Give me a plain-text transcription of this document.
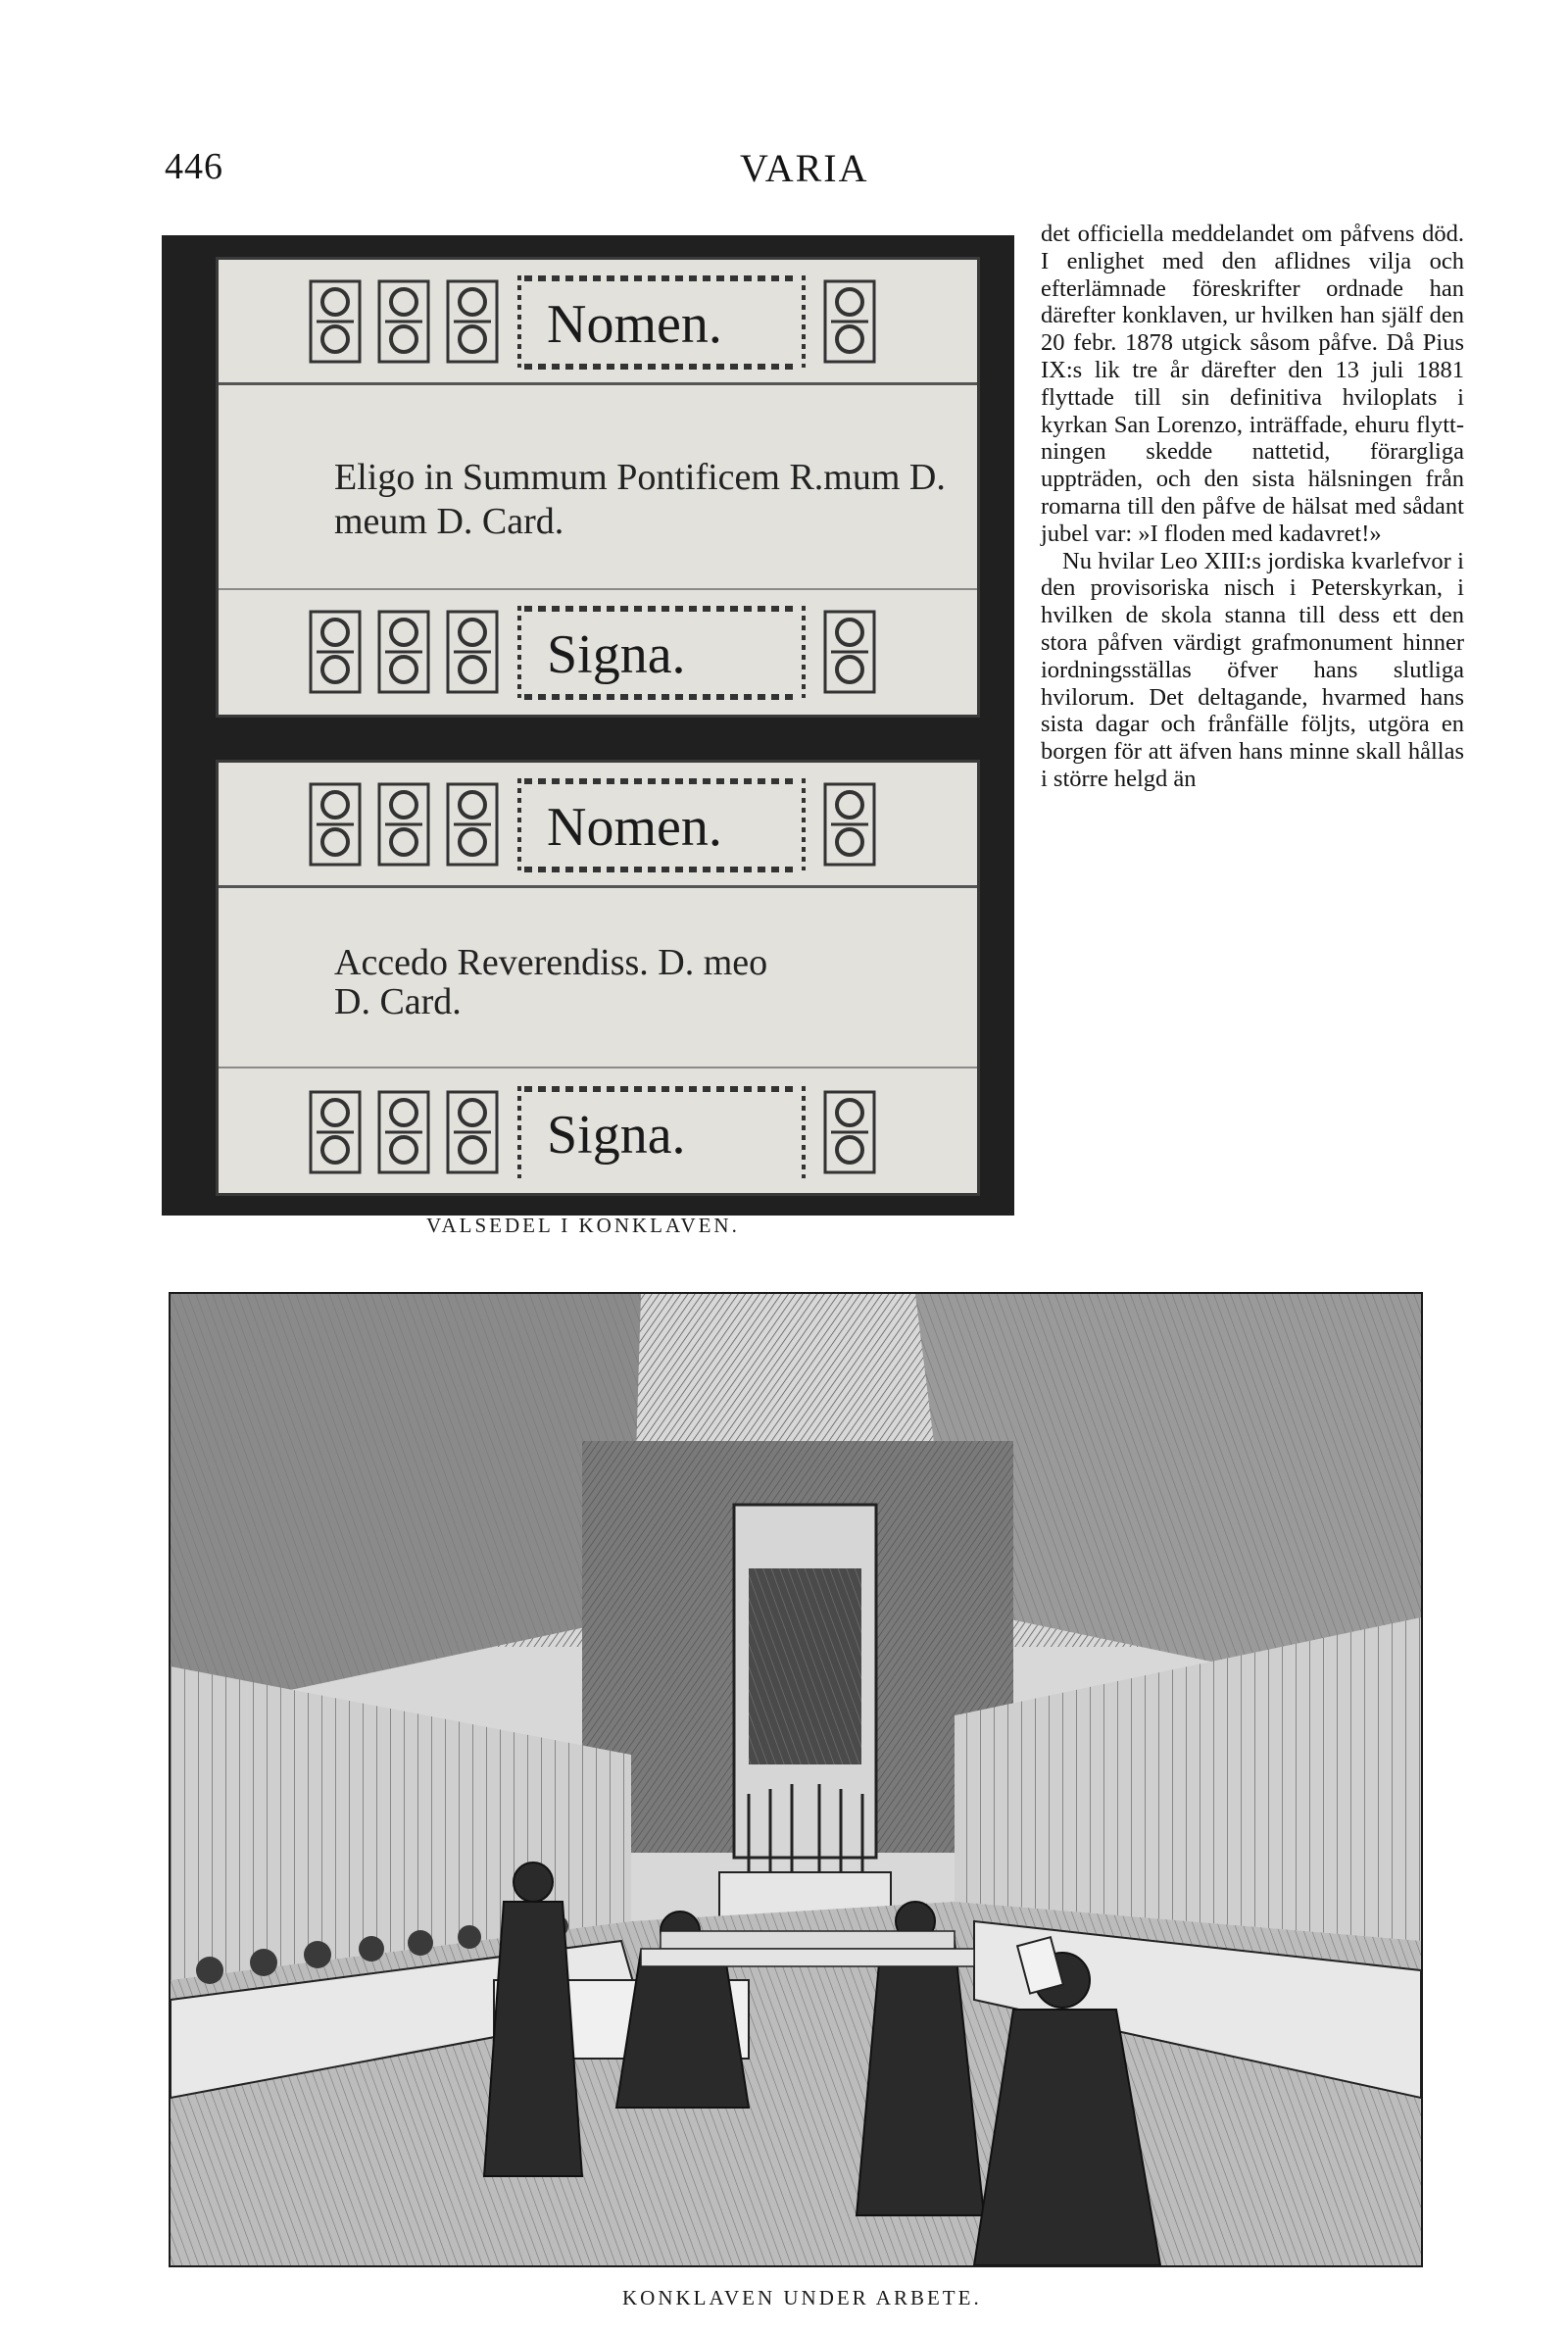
446	VARIA
Nomen.
Eligo in Summum Pontificem R.mum D.
meum D. Card.
Signa.
Nomen.
Accedo Reverendiss. D. meo
D. Card.
Signa.
VALSEDEL I KONKLAVEN.

det officiella meddelandet om påfvens död. I enlighet med den aflidnes vilja och efterlämnade föreskrifter ordnade han därefter konklaven, ur hvilken han själf den 20 febr. 1878 utgick såsom påfve. Då Pius IX:s lik tre år därefter den 13 juli 1881 flyttade till sin definitiva hviloplats i kyrkan San Lorenzo, inträffade, ehuru flyttningen skedde nattetid, förargliga uppträden, och den sista hälsningen från romarna till den påfve de hälsat med sådant jubel var: »I floden med kadavret!»

Nu hvilar Leo XIII:s jordiska kvarlefvor i den provisoriska nisch i Peterskyrkan, i hvilken de skola stanna till dess ett den stora påfven värdigt grafmonument hinner iordningsställas öfver hans slutliga hvilorum. Det deltagande, hvarmed hans sista dagar och frånfälle följts, utgöra en borgen för att äfven hans minne skall hållas i större helgd än

KONKLAVEN UNDER ARBETE.
